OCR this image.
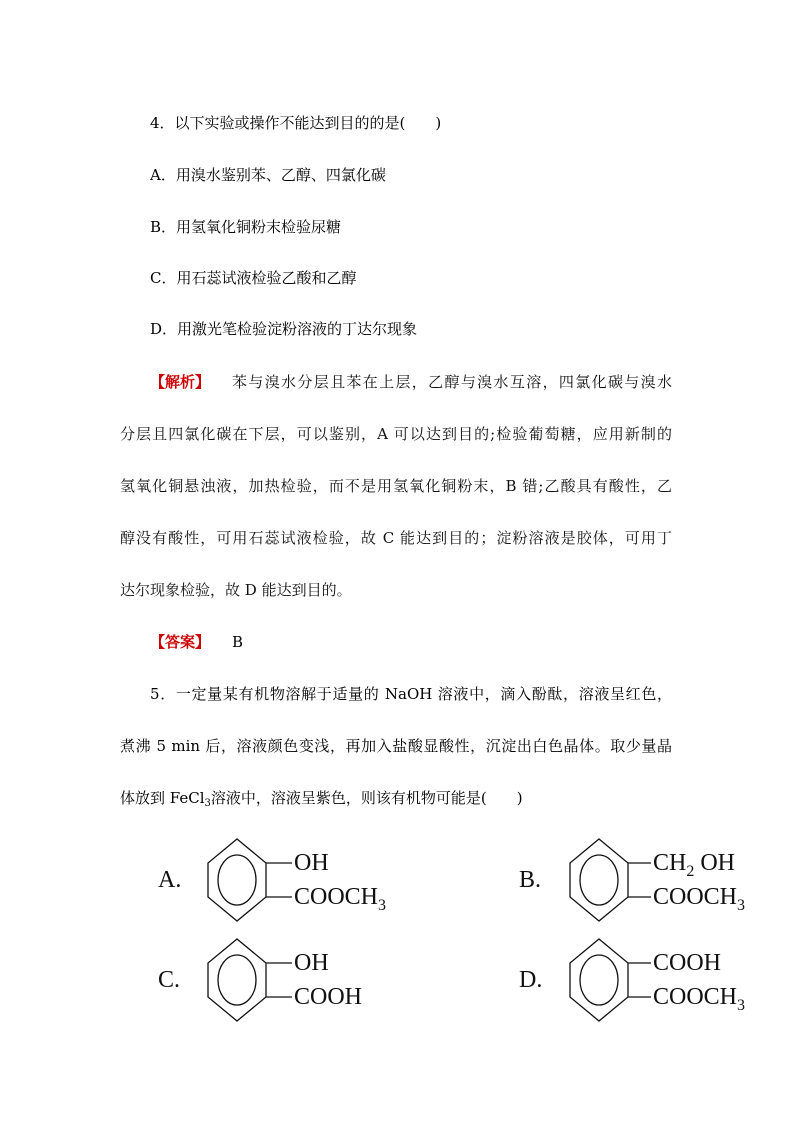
4．以下实验或操作不能达到目的的是(　　)
A．用溴水鉴别苯、乙醇、四氯化碳
B．用氢氧化铜粉末检验尿糖
C．用石蕊试液检验乙酸和乙醇
D．用激光笔检验淀粉溶液的丁达尔现象
【解析】 苯与溴水分层且苯在上层，乙醇与溴水互溶，四氯化碳与溴水
分层且四氯化碳在下层，可以鉴别，A 可以达到目的;检验葡萄糖，应用新制的
氢氧化铜悬浊液，加热检验，而不是用氢氧化铜粉末，B 错;乙酸具有酸性，乙
醇没有酸性，可用石蕊试液检验，故 C 能达到目的；淀粉溶液是胶体，可用丁
达尔现象检验，故 D 能达到目的。
【答案】 B
5．一定量某有机物溶解于适量的 NaOH 溶液中，滴入酚酞，溶液呈红色，
煮沸 5 min 后，溶液颜色变浅，再加入盐酸显酸性，沉淀出白色晶体。取少量晶
体放到 FeCl$_3$溶液中，溶液呈紫色，则该有机物可能是(　　)
A.
OH
$COOCH_3$
B.
$CH_2$ OH
$COOCH_3$
C.
OH
COOH
D.
COOH
$COOCH_3$
